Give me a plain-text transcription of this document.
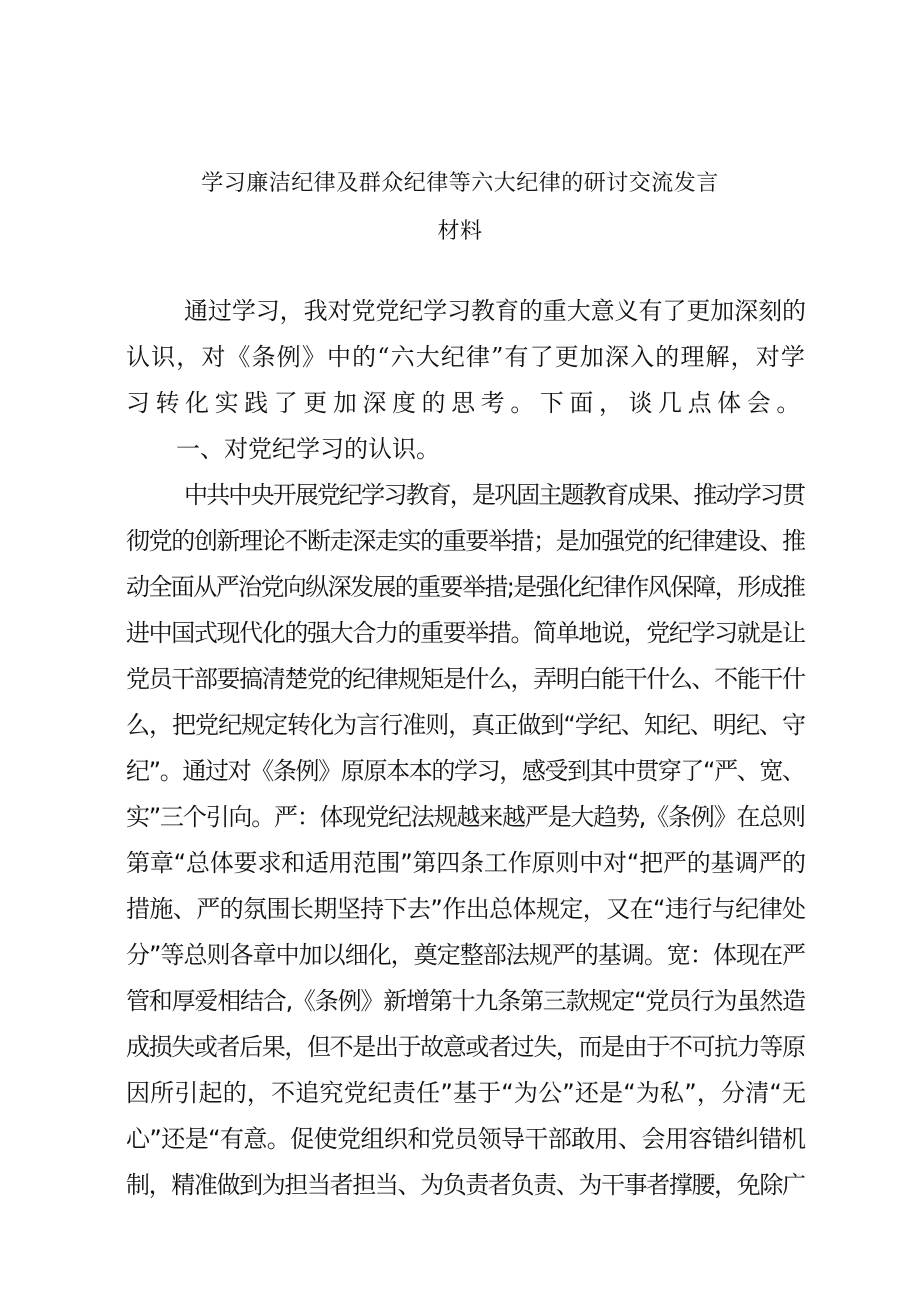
学习廉洁纪律及群众纪律等六大纪律的研讨交流发言
材料
通过学习，我对党党纪学习教育的重大意义有了更加深刻的
认识，对《条例》中的“六大纪律”有了更加深入的理解，对学
习转化实践了更加深度的思考。下面，谈几点体会。
一、对党纪学习的认识。
中共中央开展党纪学习教育，是巩固主题教育成果、推动学习贯
彻党的创新理论不断走深走实的重要举措；是加强党的纪律建设、推
动全面从严治党向纵深发展的重要举措;是强化纪律作风保障，形成推
进中国式现代化的强大合力的重要举措。简单地说，党纪学习就是让
党员干部要搞清楚党的纪律规矩是什么，弄明白能干什么、不能干什
么，把党纪规定转化为言行准则，真正做到“学纪、知纪、明纪、守
纪”。通过对《条例》原原本本的学习，感受到其中贯穿了“严、宽、
实”三个引向。严：体现党纪法规越来越严是大趋势,《条例》在总则
第章“总体要求和适用范围”第四条工作原则中对“把严的基调严的
措施、严的氛围长期坚持下去”作出总体规定，又在“违行与纪律处
分”等总则各章中加以细化，奠定整部法规严的基调。宽：体现在严
管和厚爱相结合,《条例》新增第十九条第三款规定“党员行为虽然造
成损失或者后果，但不是出于故意或者过失，而是由于不可抗力等原
因所引起的，不追究党纪责任”基于“为公”还是“为私”，分清“无
心”还是“有意。促使党组织和党员领导干部敢用、会用容错纠错机
制，精准做到为担当者担当、为负责者负责、为干事者撑腰，免除广
